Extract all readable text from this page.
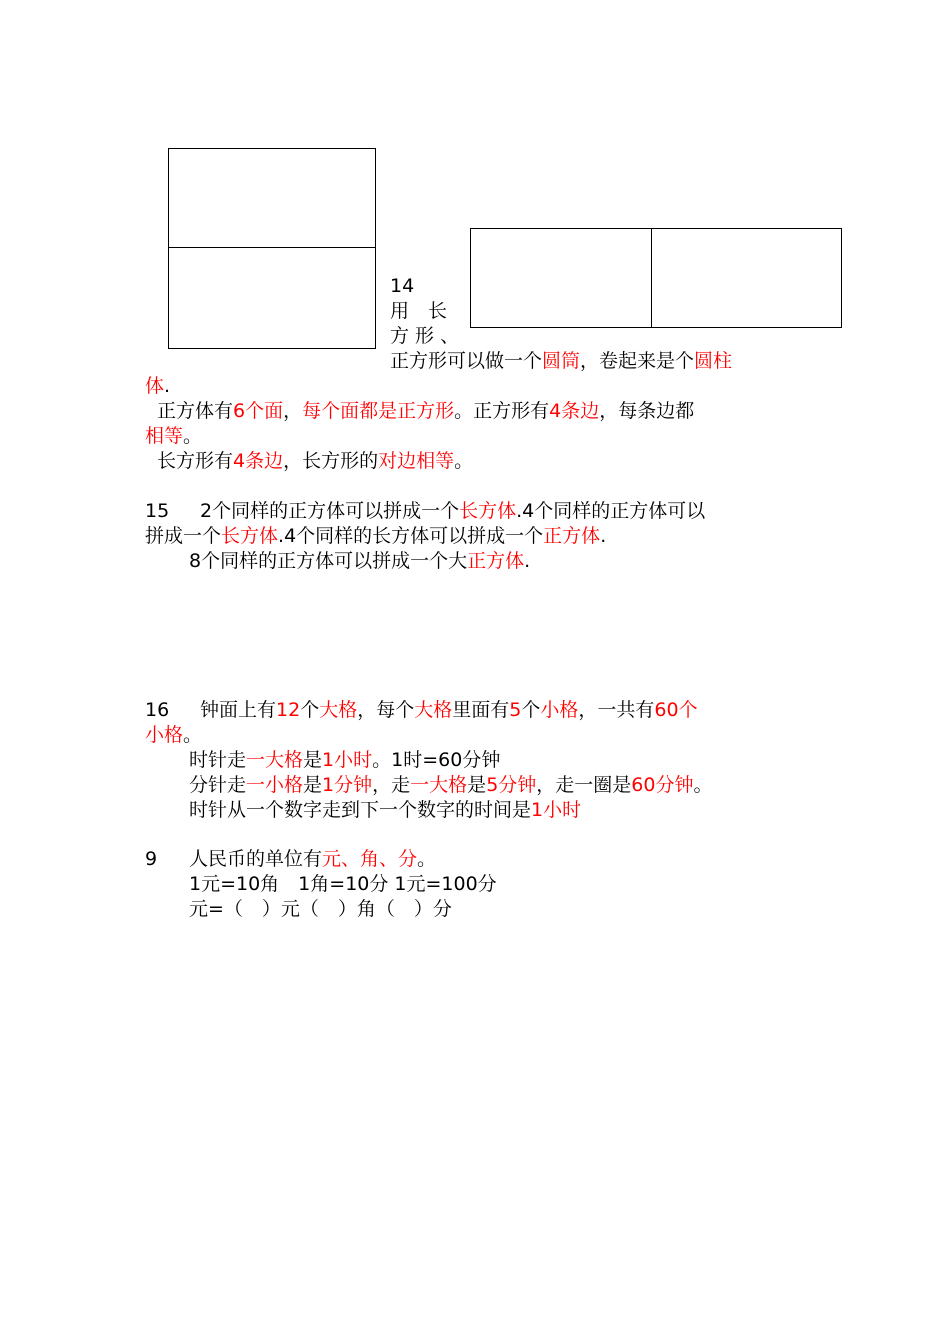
14
用　长
方 形 、
正方形可以做一个圆筒，卷起来是个圆柱
体.
正方体有6个面，每个面都是正方形。正方形有4条边，每条边都
相等。
长方形有4条边，长方形的对边相等。
15 2个同样的正方体可以拼成一个长方体.4个同样的正方体可以
拼成一个长方体.4个同样的长方体可以拼成一个正方体.
8个同样的正方体可以拼成一个大正方体.
16 钟面上有12个大格，每个大格里面有5个小格，一共有60个
小格。
时针走一大格是1小时。1时=60分钟
分针走一小格是1分钟，走一大格是5分钟，走一圈是60分钟。
时针从一个数字走到下一个数字的时间是1小时
9 人民币的单位有元、角、分。
1元=10角　1角=10分 1元=100分
元=（　）元（　）角（　）分
